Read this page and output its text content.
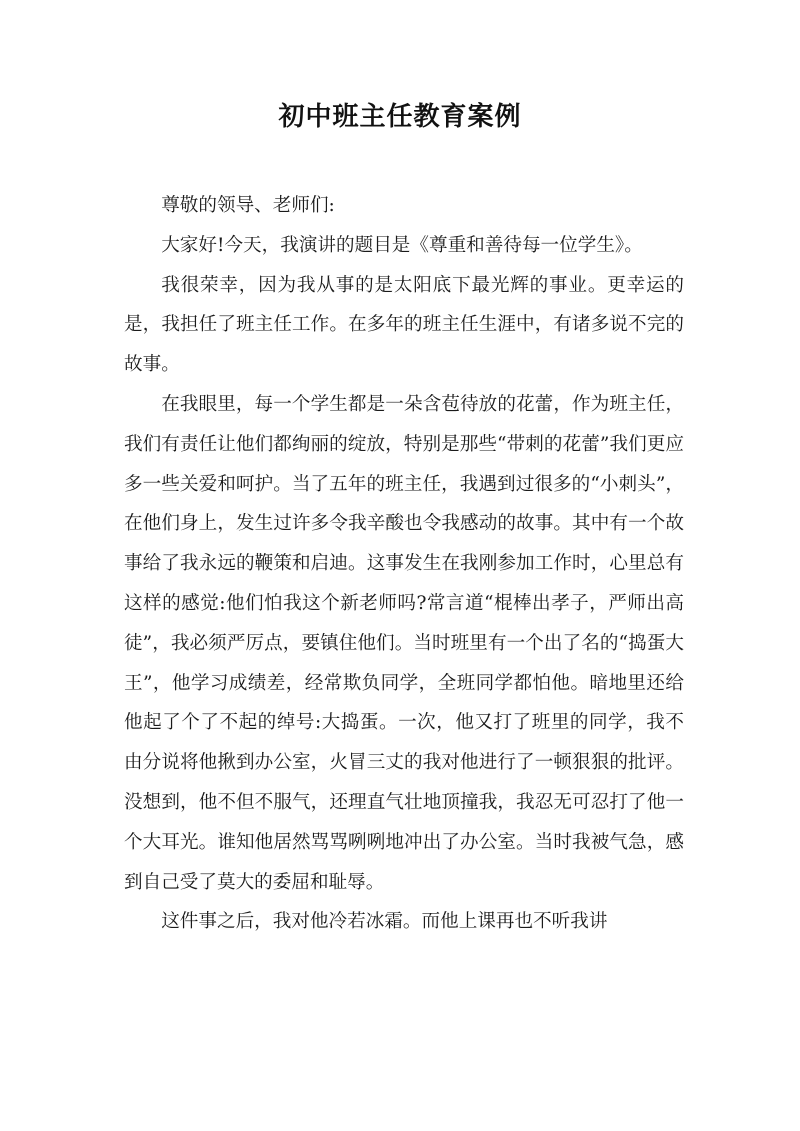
初中班主任教育案例

尊敬的领导、老师们:

大家好!今天，我演讲的题目是《尊重和善待每一位学生》。

我很荣幸，因为我从事的是太阳底下最光辉的事业。更幸运的是，我担任了班主任工作。在多年的班主任生涯中，有诸多说不完的故事。

在我眼里，每一个学生都是一朵含苞待放的花蕾，作为班主任，我们有责任让他们都绚丽的绽放，特别是那些“带刺的花蕾”我们更应多一些关爱和呵护。当了五年的班主任，我遇到过很多的“小刺头”，在他们身上，发生过许多令我辛酸也令我感动的故事。其中有一个故事给了我永远的鞭策和启迪。这事发生在我刚参加工作时，心里总有这样的感觉:他们怕我这个新老师吗?常言道“棍棒出孝子，严师出高徒”，我必须严厉点，要镇住他们。当时班里有一个出了名的“捣蛋大王”，他学习成绩差，经常欺负同学，全班同学都怕他。暗地里还给他起了个了不起的绰号:大捣蛋。一次，他又打了班里的同学，我不由分说将他揪到办公室，火冒三丈的我对他进行了一顿狠狠的批评。没想到，他不但不服气，还理直气壮地顶撞我，我忍无可忍打了他一个大耳光。谁知他居然骂骂咧咧地冲出了办公室。当时我被气急，感到自己受了莫大的委屈和耻辱。

这件事之后，我对他冷若冰霜。而他上课再也不听我讲
